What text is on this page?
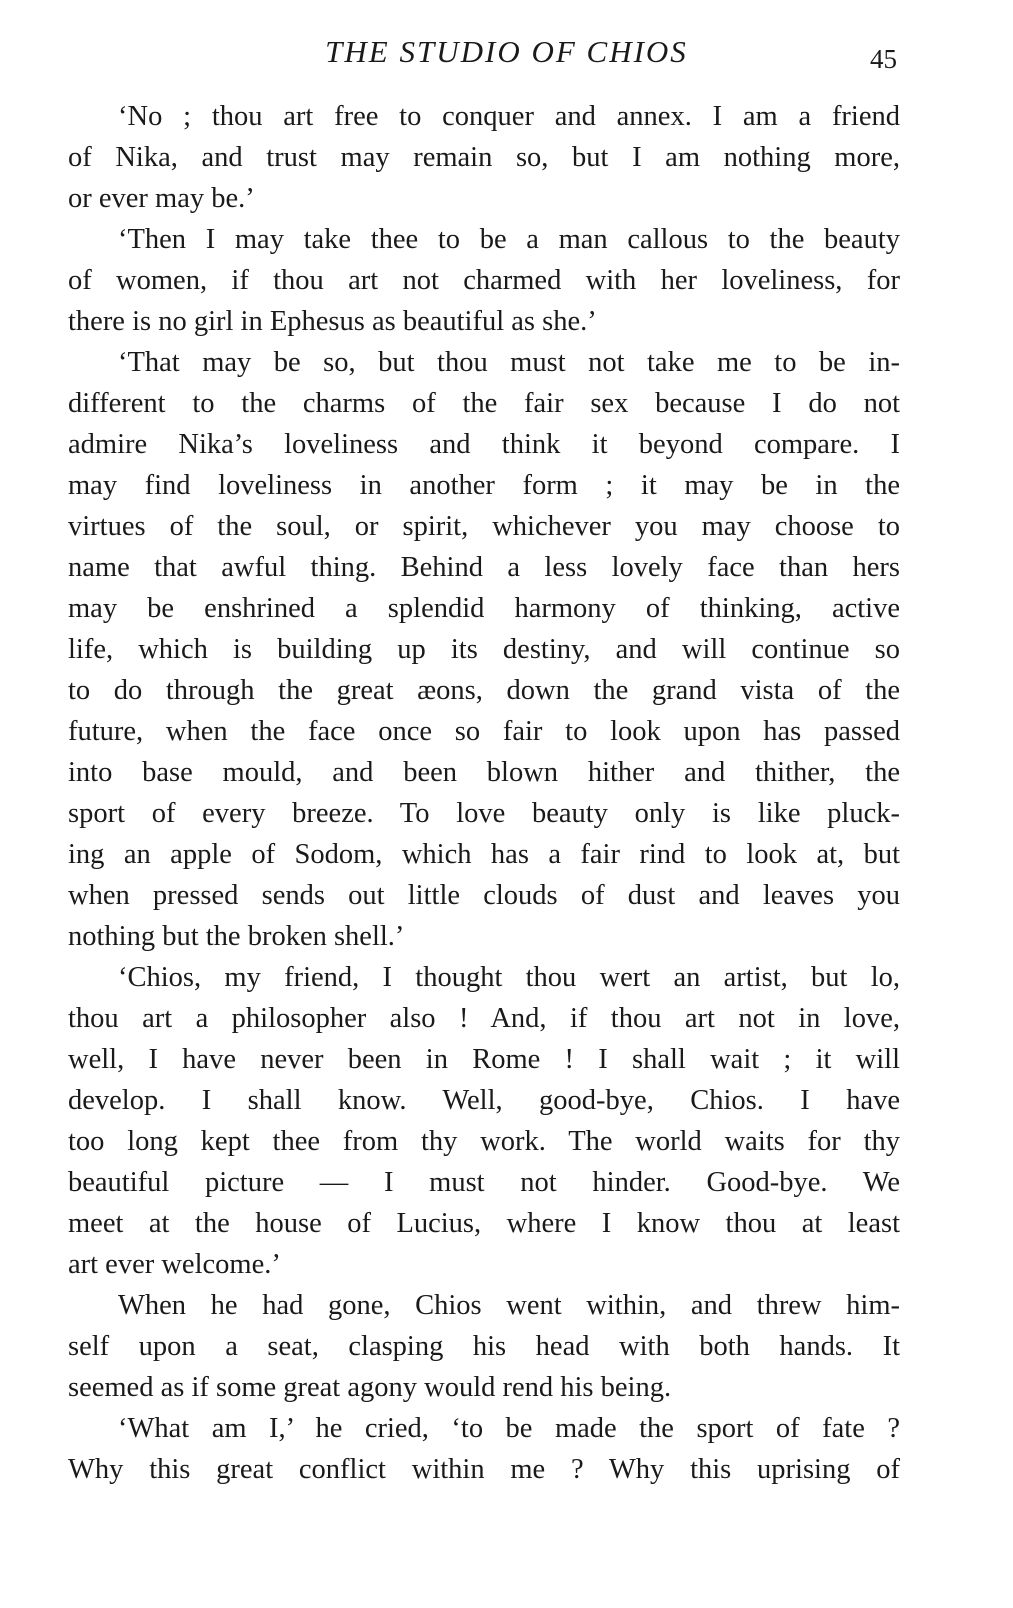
THE STUDIO OF CHIOS	45
‘No ; thou art free to conquer and annex. I am a friend
of Nika, and trust may remain so, but I am nothing more,
or ever may be.’
‘Then I may take thee to be a man callous to the beauty
of women, if thou art not charmed with her loveliness, for
there is no girl in Ephesus as beautiful as she.’
‘That may be so, but thou must not take me to be in-
different to the charms of the fair sex because I do not
admire Nika’s loveliness and think it beyond compare. I
may find loveliness in another form ; it may be in the
virtues of the soul, or spirit, whichever you may choose to
name that awful thing. Behind a less lovely face than hers
may be enshrined a splendid harmony of thinking, active
life, which is building up its destiny, and will continue so
to do through the great æons, down the grand vista of the
future, when the face once so fair to look upon has passed
into base mould, and been blown hither and thither, the
sport of every breeze. To love beauty only is like pluck-
ing an apple of Sodom, which has a fair rind to look at, but
when pressed sends out little clouds of dust and leaves you
nothing but the broken shell.’
‘Chios, my friend, I thought thou wert an artist, but lo,
thou art a philosopher also ! And, if thou art not in love,
well, I have never been in Rome ! I shall wait ; it will
develop. I shall know. Well, good-bye, Chios. I have
too long kept thee from thy work. The world waits for thy
beautiful picture — I must not hinder. Good-bye. We
meet at the house of Lucius, where I know thou at least
art ever welcome.’
When he had gone, Chios went within, and threw him-
self upon a seat, clasping his head with both hands. It
seemed as if some great agony would rend his being.
‘What am I,’ he cried, ‘to be made the sport of fate ?
Why this great conflict within me ? Why this uprising of
